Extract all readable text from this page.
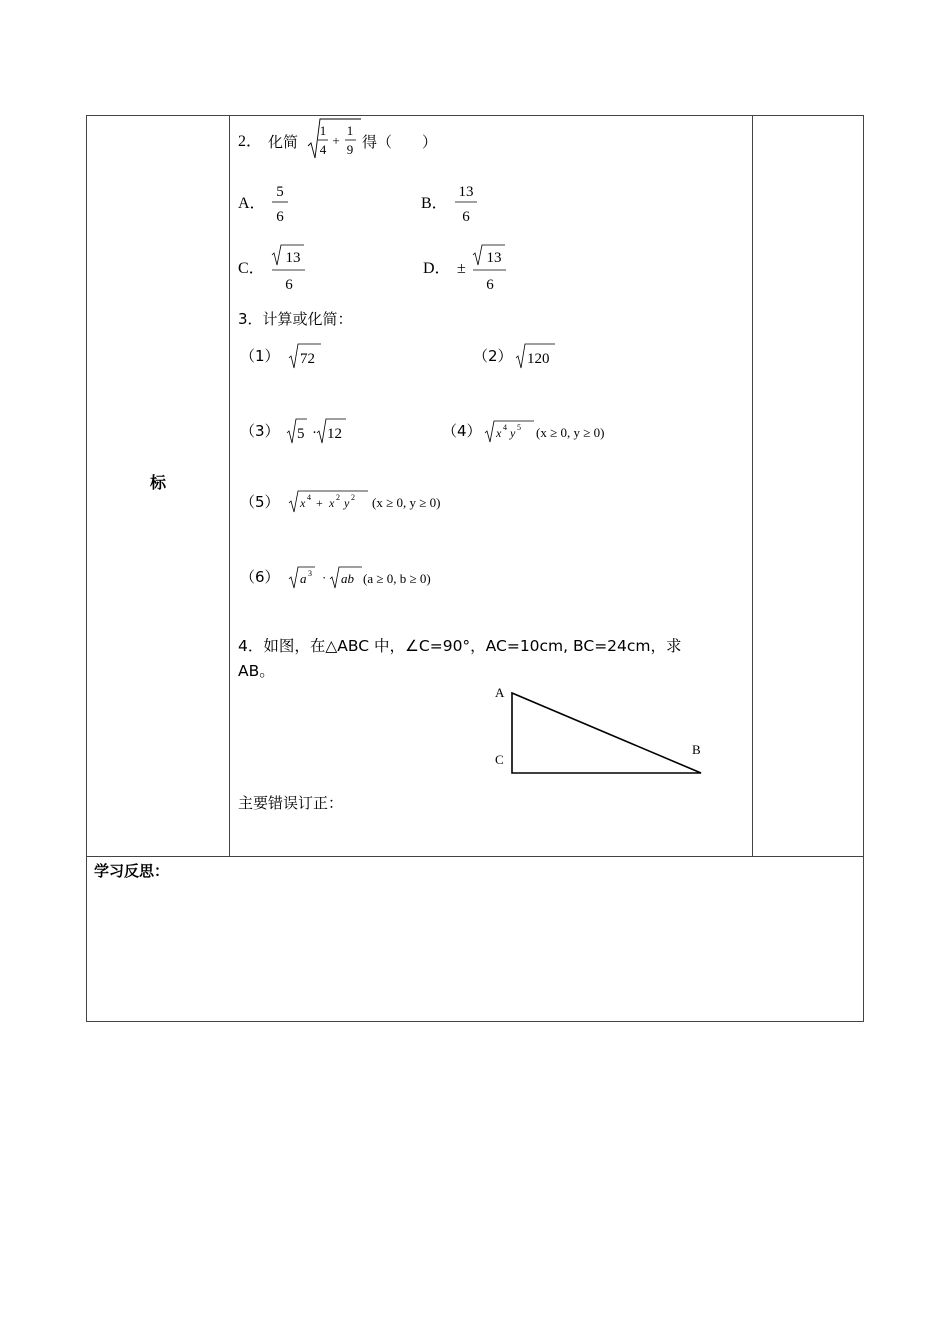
标
2． 化简
1
4
+
1
9 得（　　）
A．
5
6
B．
13
6
C．
13
6
D． ±
13
6
3．计算或化简：
（1） 72	（2） 120
（3） 5 · 12	（4） x 4 y 5 (x ≥ 0, y ≥ 0)
（5） x 4 + x 2 y 2 (x ≥ 0, y ≥ 0)
（6） a 3 · ab (a ≥ 0, b ≥ 0)
4．如图，在△ABC 中，∠C=90°，AC=10cm, BC=24cm，求
AB。
A
C
B
主要错误订正：
学习反思：
